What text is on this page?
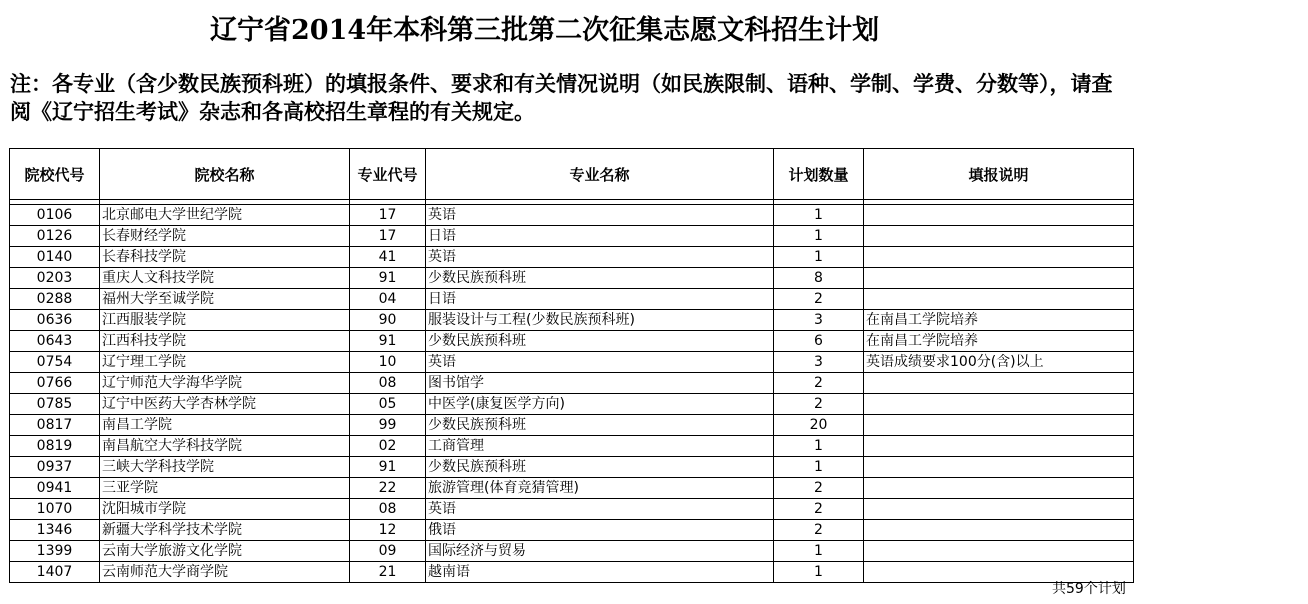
辽宁省2014年本科第三批第二次征集志愿文科招生计划
注：各专业（含少数民族预科班）的填报条件、要求和有关情况说明（如民族限制、语种、学制、学费、分数等），请查阅《辽宁招生考试》杂志和各高校招生章程的有关规定。
院校代号	院校名称	专业代号	专业名称	计划数量	填报说明

0106	北京邮电大学世纪学院	17	英语	1	
0126	长春财经学院	17	日语	1	
0140	长春科技学院	41	英语	1	
0203	重庆人文科技学院	91	少数民族预科班	8	
0288	福州大学至诚学院	04	日语	2	
0636	江西服装学院	90	服装设计与工程(少数民族预科班)	3	在南昌工学院培养
0643	江西科技学院	91	少数民族预科班	6	在南昌工学院培养
0754	辽宁理工学院	10	英语	3	英语成绩要求100分(含)以上
0766	辽宁师范大学海华学院	08	图书馆学	2	
0785	辽宁中医药大学杏林学院	05	中医学(康复医学方向)	2	
0817	南昌工学院	99	少数民族预科班	20	
0819	南昌航空大学科技学院	02	工商管理	1	
0937	三峡大学科技学院	91	少数民族预科班	1	
0941	三亚学院	22	旅游管理(体育竞猜管理)	2	
1070	沈阳城市学院	08	英语	2	
1346	新疆大学科学技术学院	12	俄语	2	
1399	云南大学旅游文化学院	09	国际经济与贸易	1	
1407	云南师范大学商学院	21	越南语	1	
共59个计划
